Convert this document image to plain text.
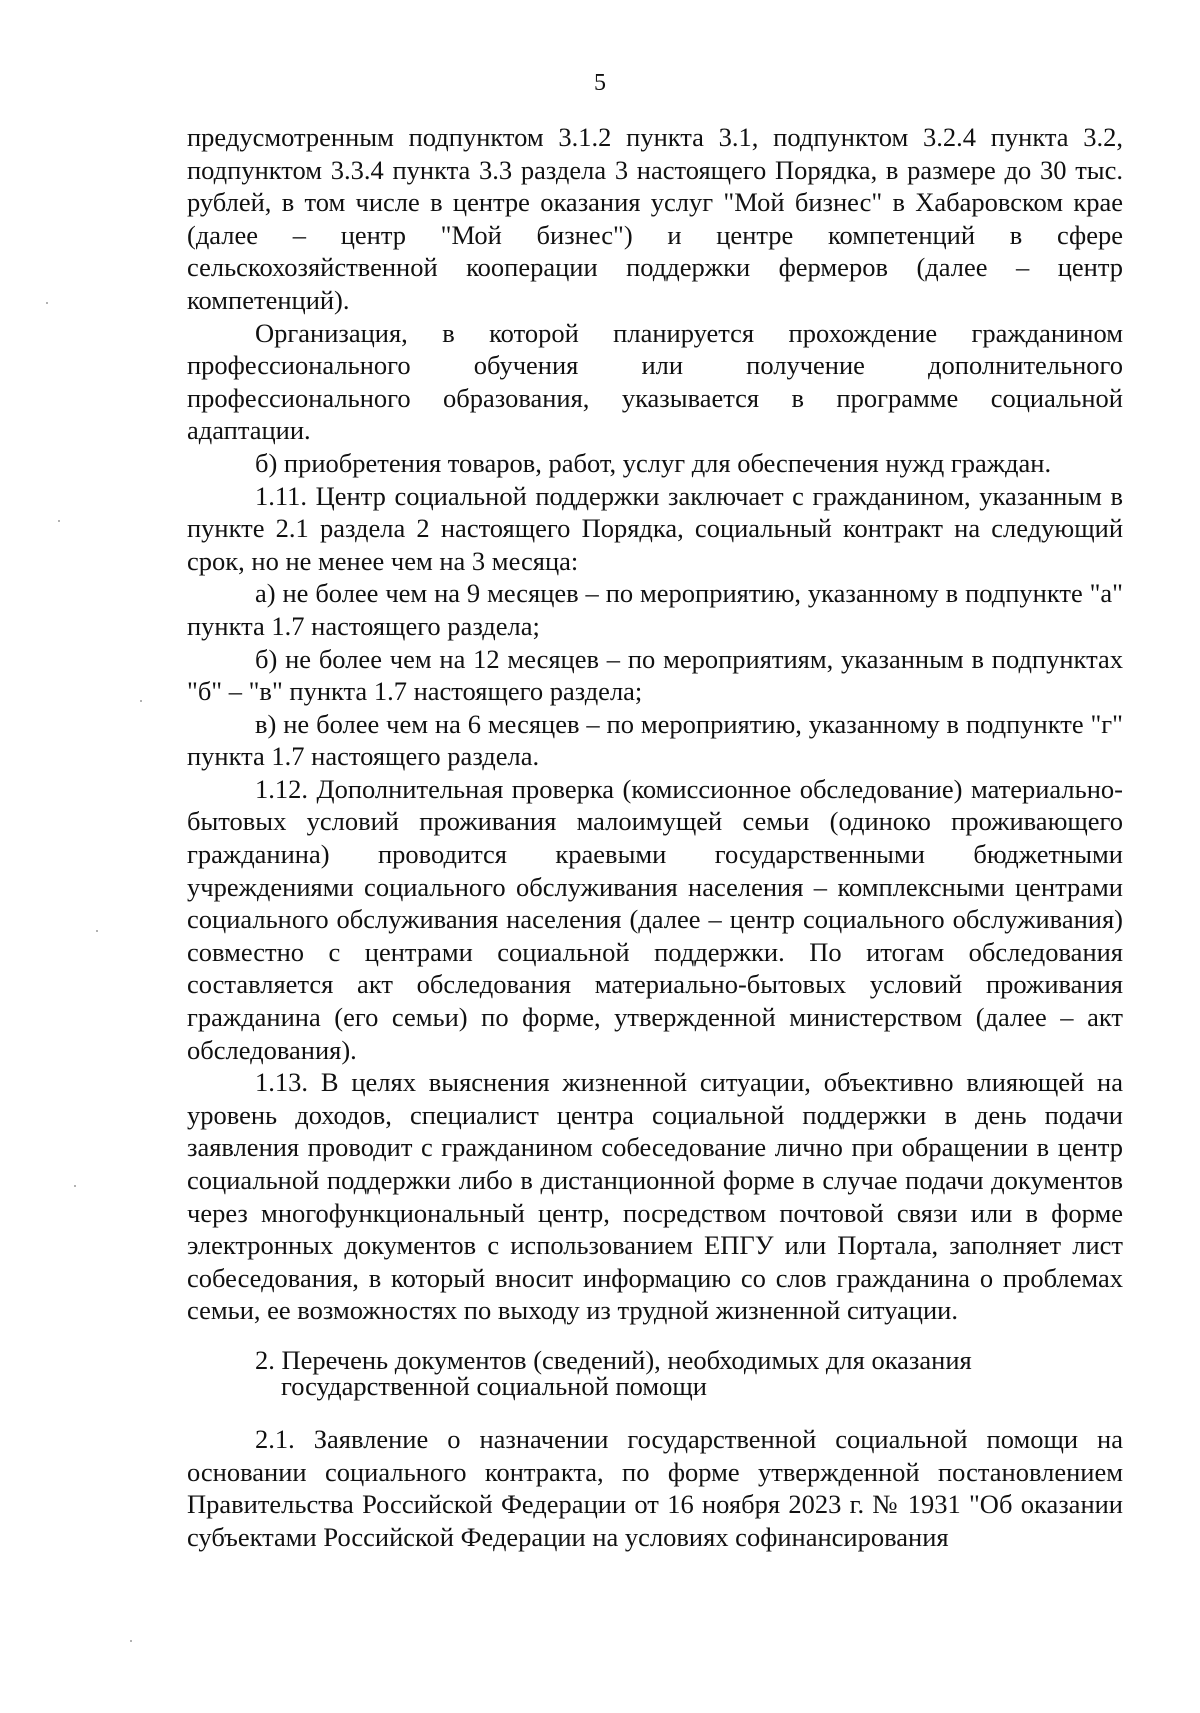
5

предусмотренным подпунктом 3.1.2 пункта 3.1, подпунктом 3.2.4 пункта 3.2, подпунктом 3.3.4 пункта 3.3 раздела 3 настоящего Порядка, в размере до 30 тыс. рублей, в том числе в центре оказания услуг "Мой бизнес" в Хабаровском крае (далее – центр "Мой бизнес") и центре компетенций в сфере сельскохозяйственной кооперации поддержки фермеров (далее – центр компетенций).

Организация, в которой планируется прохождение гражданином профессионального обучения или получение дополнительного профессионального образования, указывается в программе социальной адаптации.

б) приобретения товаров, работ, услуг для обеспечения нужд граждан.

1.11. Центр социальной поддержки заключает с гражданином, указанным в пункте 2.1 раздела 2 настоящего Порядка, социальный контракт на следующий срок, но не менее чем на 3 месяца:

а) не более чем на 9 месяцев – по мероприятию, указанному в подпункте "а" пункта 1.7 настоящего раздела;

б) не более чем на 12 месяцев – по мероприятиям, указанным в подпунктах "б" – "в" пункта 1.7 настоящего раздела;

в) не более чем на 6 месяцев – по мероприятию, указанному в подпункте "г" пункта 1.7 настоящего раздела.

1.12. Дополнительная проверка (комиссионное обследование) материально-бытовых условий проживания малоимущей семьи (одиноко проживающего гражданина) проводится краевыми государственными бюджетными учреждениями социального обслуживания населения – комплексными центрами социального обслуживания населения (далее – центр социального обслуживания) совместно с центрами социальной поддержки. По итогам обследования составляется акт обследования материально-бытовых условий проживания гражданина (его семьи) по форме, утвержденной министерством (далее – акт обследования).

1.13. В целях выяснения жизненной ситуации, объективно влияющей на уровень доходов, специалист центра социальной поддержки в день подачи заявления проводит с гражданином собеседование лично при обращении в центр социальной поддержки либо в дистанционной форме в случае подачи документов через многофункциональный центр, посредством почтовой связи или в форме электронных документов с использованием ЕПГУ или Портала, заполняет лист собеседования, в который вносит информацию со слов гражданина о проблемах семьи, ее возможностях по выходу из трудной жизненной ситуации.

2. Перечень документов (сведений), необходимых для оказания
государственной социальной помощи

2.1. Заявление о назначении государственной социальной помощи на основании социального контракта, по форме утвержденной постановлением Правительства Российской Федерации от 16 ноября 2023 г. № 1931 "Об оказании субъектами Российской Федерации на условиях софинансирования
